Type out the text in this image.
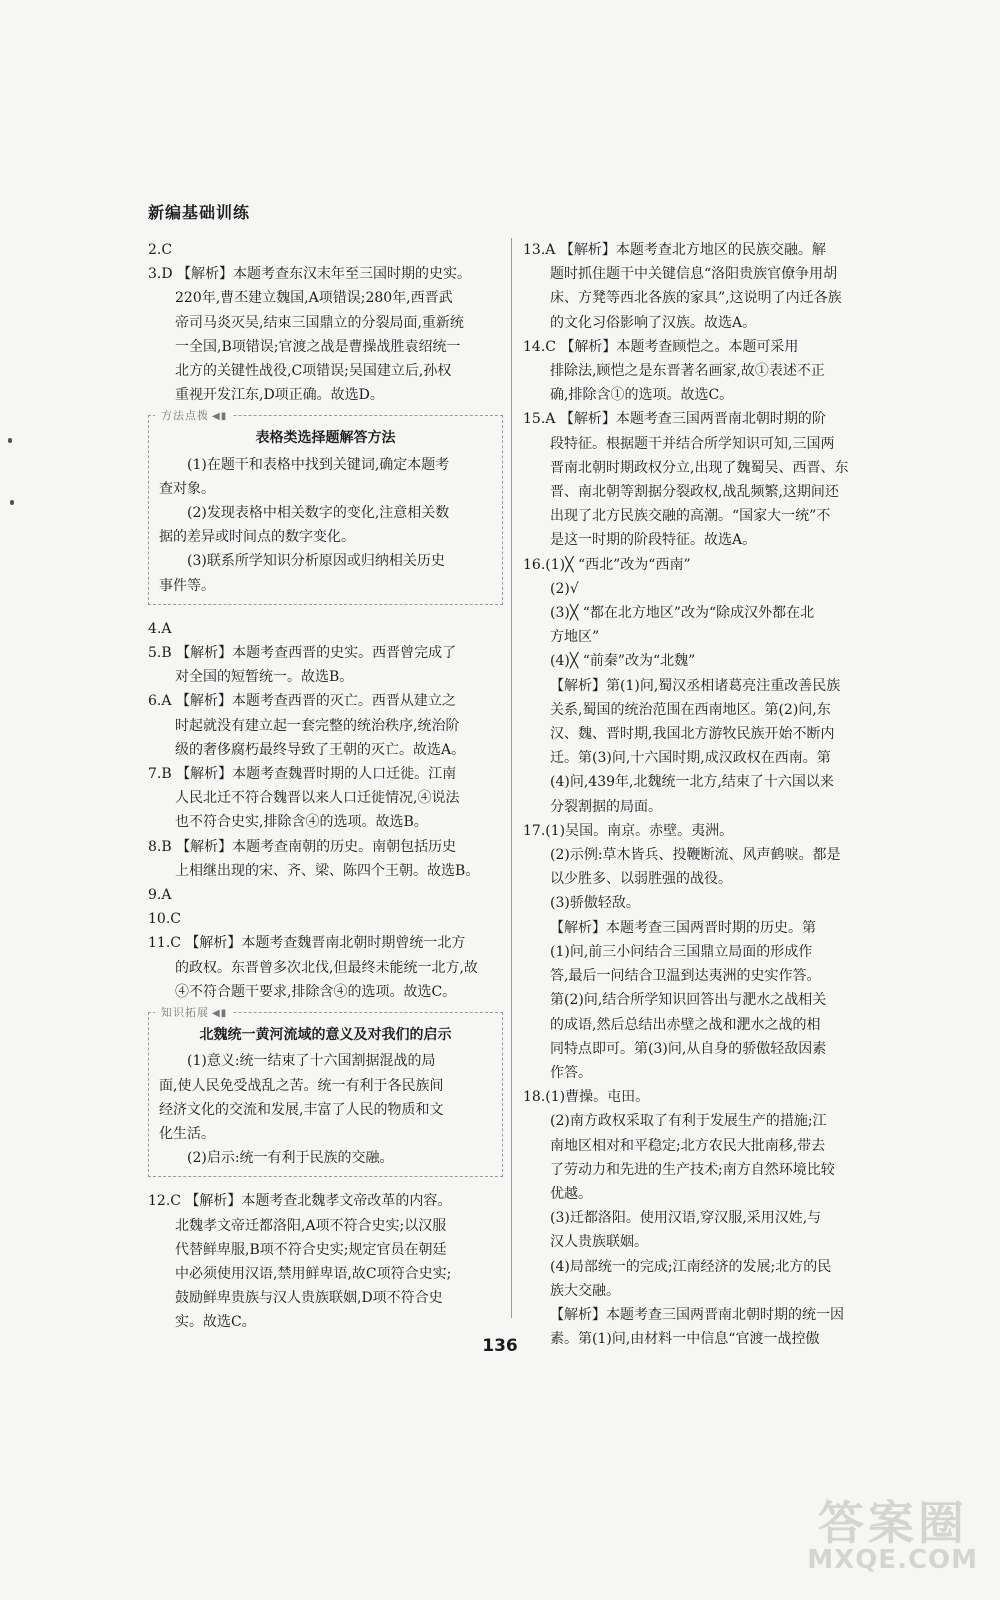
新编基础训练
2.C
3.D 【解析】本题考查东汉末年至三国时期的史实。
220年,曹丕建立魏国,A项错误;280年,西晋武
帝司马炎灭吴,结束三国鼎立的分裂局面,重新统
一全国,B项错误;官渡之战是曹操战胜袁绍统一
北方的关键性战役,C项错误;吴国建立后,孙权
重视开发江东,D项正确。故选D。
方法点拨 ◀▮
表格类选择题解答方法

(1)在题干和表格中找到关键词,确定本题考

查对象。

(2)发现表格中相关数字的变化,注意相关数

据的差异或时间点的数字变化。

(3)联系所学知识分析原因或归纳相关历史

事件等。

4.A
5.B 【解析】本题考查西晋的史实。西晋曾完成了
对全国的短暂统一。故选B。
6.A 【解析】本题考查西晋的灭亡。西晋从建立之
时起就没有建立起一套完整的统治秩序,统治阶
级的奢侈腐朽最终导致了王朝的灭亡。故选A。
7.B 【解析】本题考查魏晋时期的人口迁徙。江南
人民北迁不符合魏晋以来人口迁徙情况,④说法
也不符合史实,排除含④的选项。故选B。
8.B 【解析】本题考查南朝的历史。南朝包括历史
上相继出现的宋、齐、梁、陈四个王朝。故选B。
9.A
10.C
11.C 【解析】本题考查魏晋南北朝时期曾统一北方
的政权。东晋曾多次北伐,但最终未能统一北方,故
④不符合题干要求,排除含④的选项。故选C。
知识拓展 ◀▮
北魏统一黄河流域的意义及对我们的启示

(1)意义:统一结束了十六国割据混战的局

面,使人民免受战乱之苦。统一有利于各民族间

经济文化的交流和发展,丰富了人民的物质和文

化生活。

(2)启示:统一有利于民族的交融。

12.C 【解析】本题考查北魏孝文帝改革的内容。
北魏孝文帝迁都洛阳,A项不符合史实;以汉服
代替鲜卑服,B项不符合史实;规定官员在朝廷
中必须使用汉语,禁用鲜卑语,故C项符合史实;
鼓励鲜卑贵族与汉人贵族联姻,D项不符合史
实。故选C。
13.A 【解析】本题考查北方地区的民族交融。解
题时抓住题干中关键信息“洛阳贵族官僚争用胡
床、方凳等西北各族的家具”,这说明了内迁各族
的文化习俗影响了汉族。故选A。
14.C 【解析】本题考查顾恺之。本题可采用
排除法,顾恺之是东晋著名画家,故①表述不正
确,排除含①的选项。故选C。
15.A 【解析】本题考查三国两晋南北朝时期的阶
段特征。根据题干并结合所学知识可知,三国两
晋南北朝时期政权分立,出现了魏蜀吴、西晋、东
晋、南北朝等割据分裂政权,战乱频繁,这期间还
出现了北方民族交融的高潮。“国家大一统”不
是这一时期的阶段特征。故选A。
16.(1)╳ “西北”改为“西南”
(2)√
(3)╳ “都在北方地区”改为“除成汉外都在北
方地区”
(4)╳ “前秦”改为“北魏”
【解析】第(1)问,蜀汉丞相诸葛亮注重改善民族
关系,蜀国的统治范围在西南地区。第(2)问,东
汉、魏、晋时期,我国北方游牧民族开始不断内
迁。第(3)问,十六国时期,成汉政权在西南。第
(4)问,439年,北魏统一北方,结束了十六国以来
分裂割据的局面。
17.(1)吴国。南京。赤壁。夷洲。
(2)示例:草木皆兵、投鞭断流、风声鹤唳。都是
以少胜多、以弱胜强的战役。
(3)骄傲轻敌。
【解析】本题考查三国两晋时期的历史。第
(1)问,前三小问结合三国鼎立局面的形成作
答,最后一问结合卫温到达夷洲的史实作答。
第(2)问,结合所学知识回答出与淝水之战相关
的成语,然后总结出赤壁之战和淝水之战的相
同特点即可。第(3)问,从自身的骄傲轻敌因素
作答。
18.(1)曹操。屯田。
(2)南方政权采取了有利于发展生产的措施;江
南地区相对和平稳定;北方农民大批南移,带去
了劳动力和先进的生产技术;南方自然环境比较
优越。
(3)迁都洛阳。使用汉语,穿汉服,采用汉姓,与
汉人贵族联姻。
(4)局部统一的完成;江南经济的发展;北方的民
族大交融。
【解析】本题考查三国两晋南北朝时期的统一因
素。第(1)问,由材料一中信息“官渡一战控傲
136
答案圈
MXQE.COM
